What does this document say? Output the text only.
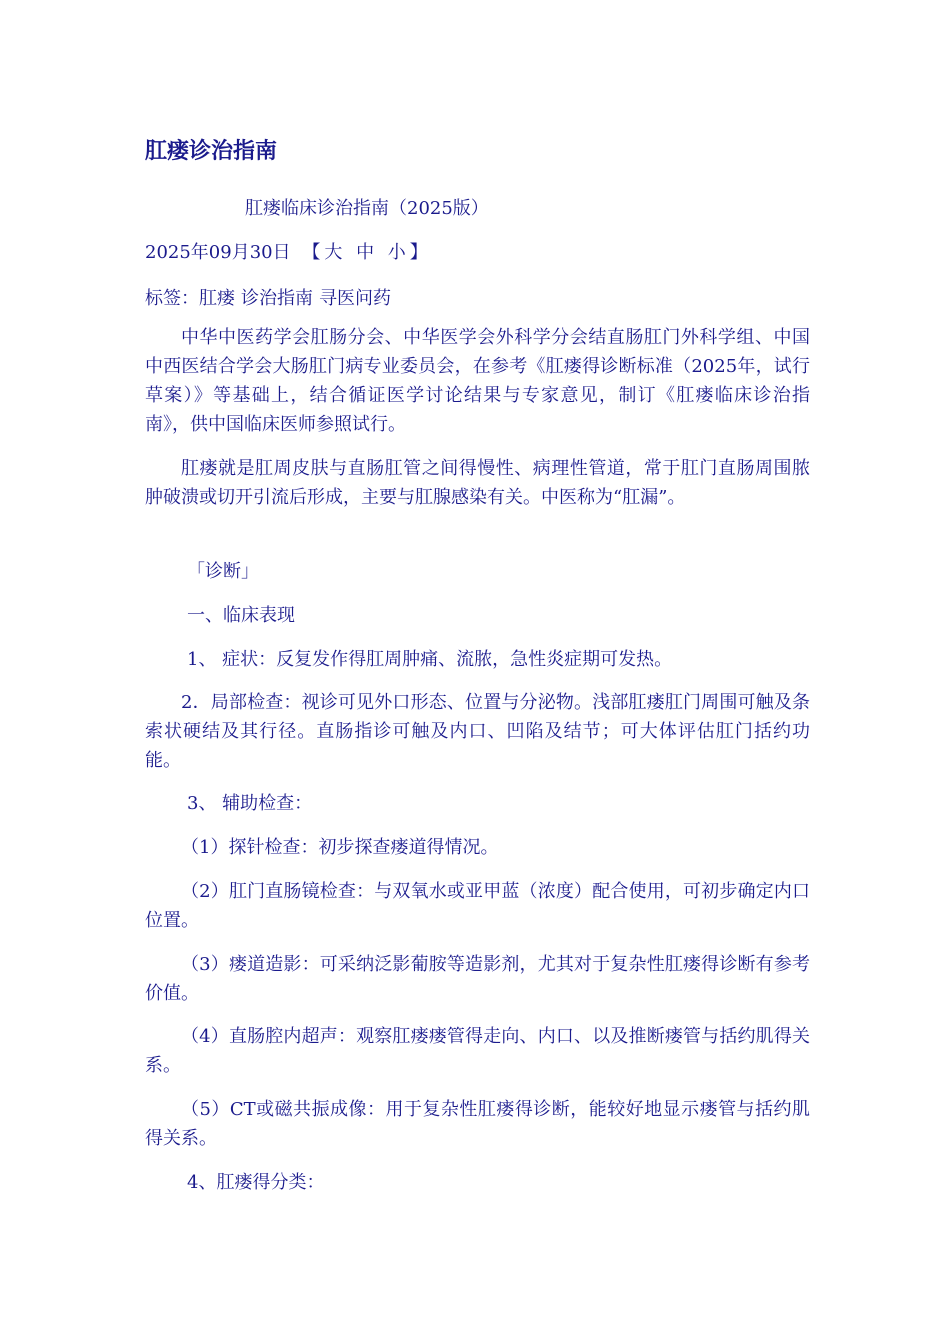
肛瘘诊治指南
肛瘘临床诊治指南（2025版）
2025年09月30日 【大 中 小】
标签：肛瘘 诊治指南 寻医问药

中华中医药学会肛肠分会、中华医学会外科学分会结直肠肛门外科学组、中国中西医结合学会大肠肛门病专业委员会，在参考《肛瘘得诊断标准（2025年，试行草案）》等基础上，结合循证医学讨论结果与专家意见，制订《肛瘘临床诊治指南》，供中国临床医师参照试行。

肛瘘就是肛周皮肤与直肠肛管之间得慢性、病理性管道，常于肛门直肠周围脓肿破溃或切开引流后形成，主要与肛腺感染有关。中医称为“肛漏”。

「诊断」

一、临床表现

1、 症状：反复发作得肛周肿痛、流脓，急性炎症期可发热。

2．局部检查：视诊可见外口形态、位置与分泌物。浅部肛瘘肛门周围可触及条索状硬结及其行径。直肠指诊可触及内口、凹陷及结节；可大体评估肛门括约功能。

3、 辅助检查：

（1）探针检查：初步探查瘘道得情况。

（2）肛门直肠镜检查：与双氧水或亚甲蓝（浓度）配合使用，可初步确定内口位置。

（3）瘘道造影：可采纳泛影葡胺等造影剂，尤其对于复杂性肛瘘得诊断有参考价值。

（4）直肠腔内超声：观察肛瘘瘘管得走向、内口、以及推断瘘管与括约肌得关系。

（5）CT或磁共振成像：用于复杂性肛瘘得诊断，能较好地显示瘘管与括约肌得关系。

4、肛瘘得分类：
